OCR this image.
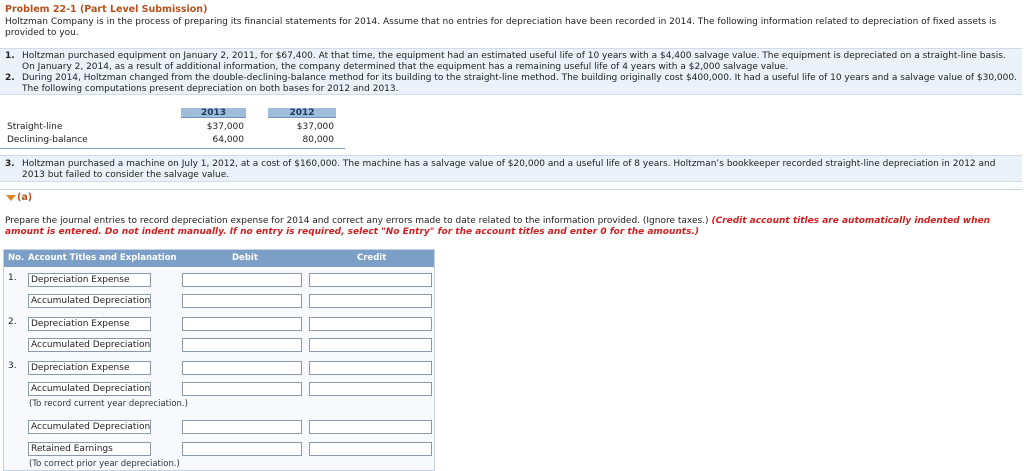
Problem 22-1 (Part Level Submission)
Holtzman Company is in the process of preparing its financial statements for 2014. Assume that no entries for depreciation have been recorded in 2014. The following information related to depreciation of fixed assets is provided to you.
1. Holtzman purchased equipment on January 2, 2011, for $67,400. At that time, the equipment had an estimated useful life of 10 years with a $4,400 salvage value. The equipment is depreciated on a straight-line basis. On January 2, 2014, as a result of additional information, the company determined that the equipment has a remaining useful life of 4 years with a $2,000 salvage value.
2. During 2014, Holtzman changed from the double-declining-balance method for its building to the straight-line method. The building originally cost $400,000. It had a useful life of 10 years and a salvage value of $30,000. The following computations present depreciation on both bases for 2012 and 2013.
2013	2012
Straight-line	$37,000	$37,000
Declining-balance	64,000	80,000
3. Holtzman purchased a machine on July 1, 2012, at a cost of $160,000. The machine has a salvage value of $20,000 and a useful life of 8 years. Holtzman’s bookkeeper recorded straight-line depreciation in 2012 and 2013 but failed to consider the salvage value.
(a)
Prepare the journal entries to record depreciation expense for 2014 and correct any errors made to date related to the information provided. (Ignore taxes.) (Credit account titles are automatically indented when amount is entered. Do not indent manually. If no entry is required, select "No Entry" for the account titles and enter 0 for the amounts.)
No. Account Titles and Explanation	Debit	Credit
1.	Depreciation Expense
Accumulated Depreciation
2.	Depreciation Expense
Accumulated Depreciation
3.	Depreciation Expense
Accumulated Depreciation
(To record current year depreciation.)
Accumulated Depreciation
Retained Earnings
(To correct prior year depreciation.)
